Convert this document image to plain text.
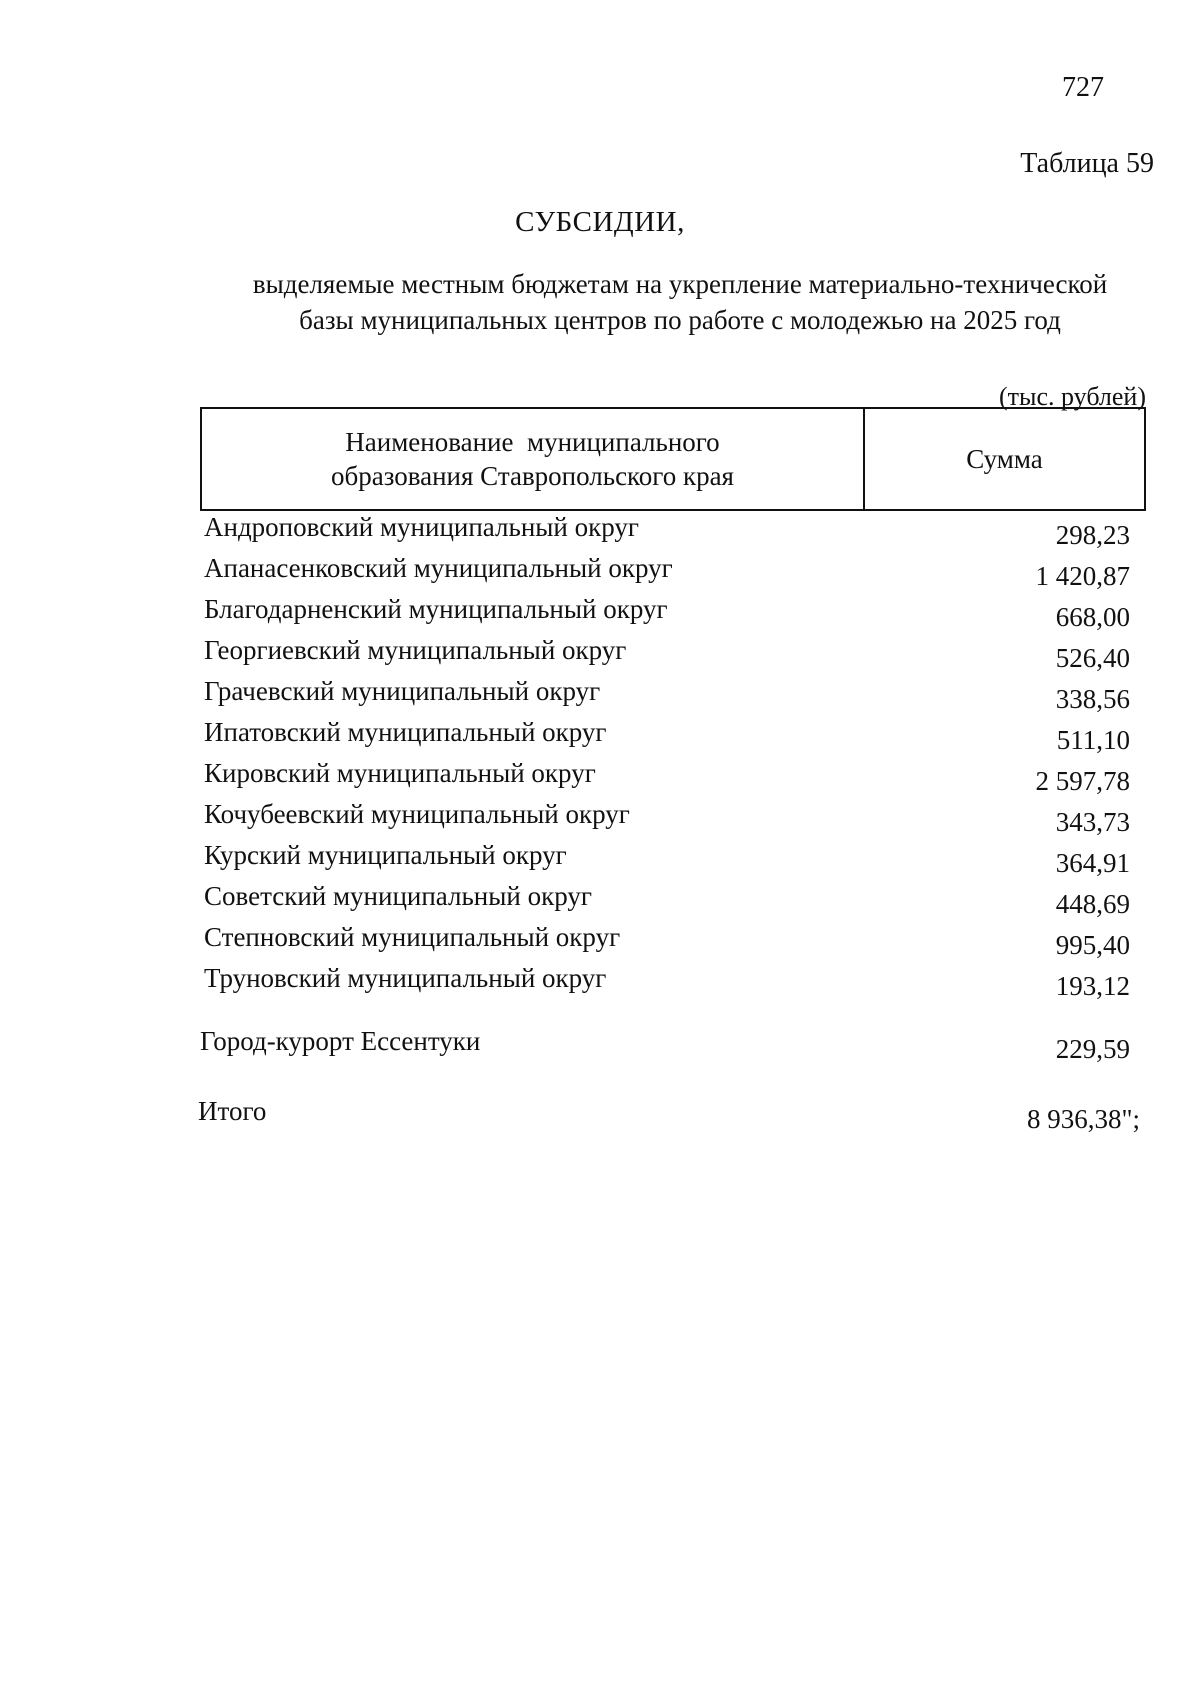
727
Таблица 59
СУБСИДИИ,
выделяемые местным бюджетам на укрепление материально-технической
базы муниципальных центров по работе с молодежью на 2025 год
(тыс. рублей)
Наименование  муниципального
образования Ставропольского края
Сумма
Андроповский муниципальный округ	298,23
Апанасенковский муниципальный округ	1 420,87
Благодарненский муниципальный округ	668,00
Георгиевский муниципальный округ	526,40
Грачевский муниципальный округ	338,56
Ипатовский муниципальный округ	511,10
Кировский муниципальный округ	2 597,78
Кочубеевский муниципальный округ	343,73
Курский муниципальный округ	364,91
Советский муниципальный округ	448,69
Степновский муниципальный округ	995,40
Труновский муниципальный округ	193,12
Город-курорт Ессентуки	229,59
Итого	8 936,38";
